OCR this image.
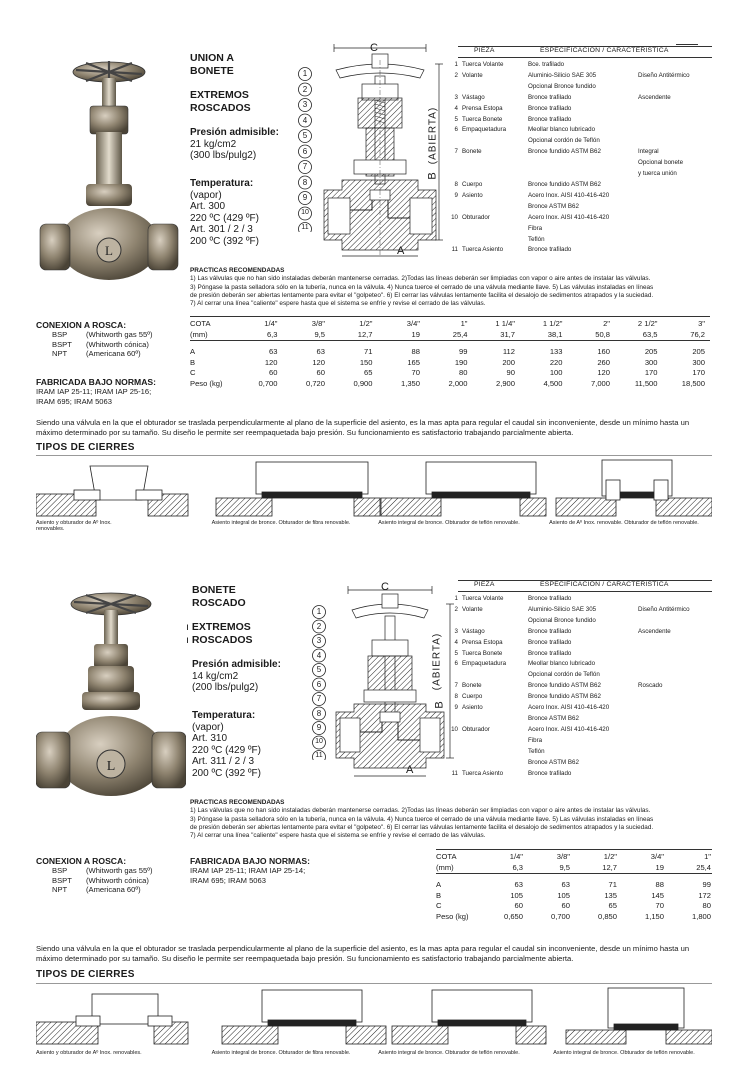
L
UNION A
BONETE
EXTREMOS
ROSCADOS
Presión admisible:
21 kg/cm2
(300 lbs/pulg2)
Temperatura:
(vapor)
Art. 300
220 ºC (429 ºF)
Art. 301 / 2 / 3
200 ºC (392 ºF)
1
2
3
4
5
6
7
8
9
10
11
C
A
B
(ABIERTA)
PIEZA	ESPECIFICACION / CARACTERISTICA
1 Tuerca Volante	Bce. trafilado
2 Volante	Aluminio-Silicio SAE 305	Diseño Antitérmico
Opcional Bronce fundido
3 Vástago	Bronce trafilado	Ascendente
4 Prensa Estopa	Bronce trafilado
5 Tuerca Bonete	Bronce trafilado
6 Empaquetadura	Meollar blanco lubricado
Opcional cordón de Teflón
7 Bonete	Bronce fundido ASTM B62	Integral
Opcional bonete
y tuerca unión
8 Cuerpo	Bronce fundido ASTM B62
9 Asiento	Acero Inox. AISI 410-416-420
Bronce ASTM B62
10 Obturador	Acero Inox. AISI 410-416-420
Fibra
Teflón
11 Tuerca Asiento	Bronce trafilado
PRACTICAS RECOMENDADAS
1) Las válvulas que no han sido instaladas deberán mantenerse cerradas. 2)Todas las líneas deberán ser limpiadas con vapor o aire antes de instalar las válvulas.
3) Póngase la pasta selladora sólo en la tubería, nunca en la válvula. 4) Nunca tuerce el cerrado de una válvula mediante llave. 5) Las válvulas instaladas en líneas
de presión deberán ser abiertas lentamente para evitar el "golpeteo". 6) El cerrar las válvulas lentamente facilita el desalojo de sedimentos atrapados y la suciedad.
7) Al cerrar una línea "caliente" espere hasta que el sistema se enfríe y revise el cerrado de las válvulas.
CONEXION A ROSCA:
BSP	(Whitworth gas 55º)
BSPT	(Whitworth cónica)
NPT	(Americana 60º)
FABRICADA BAJO NORMAS:
IRAM IAP 25-11; IRAM IAP 25-16;
IRAM 695; IRAM 5063
COTA	1/4"	3/8"	1/2"	3/4"	1"	1 1/4"	1 1/2"	2"	2 1/2"	3"
(mm)	6,3	9,5	12,7	19	25,4	31,7	38,1	50,8	63,5	76,2
A	63	63	71	88	99	112	133	160	205	205
B	120	120	150	165	190	200	220	260	300	300
C	60	60	65	70	80	90	100	120	170	170
Peso (kg)	0,700	0,720	0,900	1,350	2,000	2,900	4,500	7,000	11,500	18,500
Siendo una válvula en la que el obturador se traslada perpendicularmente al plano de la superficie del asiento, es la mas apta para regular el caudal sin inconveniente, desde un mínimo hasta un máximo determinado por su tamaño. Su diseño le permite ser reempaquetada bajo presión. Su funcionamiento es satisfactorio trabajando parcialmente abierta.
TIPOS DE CIERRES
Asiento y obturador de Aº Inox. renovables.
Asiento integral de bronce. Obturador de fibra renovable.	Asiento integral de bronce. Obturador de teflón renovable.	Asiento de Aº Inox. renovable. Obturador de teflón renovable.
L
BONETE
ROSCADO
ı EXTREMOS
ı ROSCADOS
Presión admisible:
14 kg/cm2
(200 lbs/pulg2)
Temperatura:
(vapor)
Art. 310
220 ºC (429 ºF)
Art. 311 / 2 / 3
200 ºC (392 ºF)
1
2
3
4
5
6
7
8
9
10
11
C
A
B
(ABIERTA)
PIEZA	ESPECIFICACION / CARACTERISTICA
1 Tuerca Volante	Bronce trafilado
2 Volante	Aluminio-Silicio SAE 305	Diseño Antitérmico
Opcional Bronce fundido
3 Vástago	Bronce trafilado	Ascendente
4 Prensa Estopa	Bronce trafilado
5 Tuerca Bonete	Bronce trafilado
6 Empaquetadura	Meollar blanco lubricado
Opcional cordón de Teflón
7 Bonete	Bronce fundido ASTM B62	Roscado
8 Cuerpo	Bronce fundido ASTM B62
9 Asiento	Acero Inox. AISI 410-416-420
Bronce ASTM B62
10 Obturador	Acero Inox. AISI 410-416-420
Fibra
Teflón
Bronce ASTM B62
11 Tuerca Asiento	Bronce trafilado
PRACTICAS RECOMENDADAS
1) Las válvulas que no han sido instaladas deberán mantenerse cerradas. 2)Todas las líneas deberán ser limpiadas con vapor o aire antes de instalar las válvulas.
3) Póngase la pasta selladora sólo en la tubería, nunca en la válvula. 4) Nunca tuerce el cerrado de una válvula mediante llave. 5) Las válvulas instaladas en líneas
de presión deberán ser abiertas lentamente para evitar el "golpeteo". 6) El cerrar las válvulas lentamente facilita el desalojo de sedimentos atrapados y la suciedad.
7) Al cerrar una línea "caliente" espere hasta que el sistema se enfríe y revise el cerrado de las válvulas.
CONEXION A ROSCA:
BSP	(Whitworth gas 55º)
BSPT	(Whitworth cónica)
NPT	(Americana 60º)
FABRICADA BAJO NORMAS:
IRAM IAP 25-11; IRAM IAP 25-14;
IRAM 695; IRAM 5063
COTA	1/4"	3/8"	1/2"	3/4"	1"
(mm)	6,3	9,5	12,7	19	25,4
A	63	63	71	88	99
B	105	105	135	145	172
C	60	60	65	70	80
Peso (kg)	0,650	0,700	0,850	1,150	1,800
Siendo una válvula en la que el obturador se traslada perpendicularmente al plano de la superficie del asiento, es la mas apta para regular el caudal sin inconveniente, desde un mínimo hasta un máximo determinado por su tamaño. Su diseño le permite ser reempaquetada bajo presión. Su funcionamiento es satisfactorio trabajando parcialmente abierta.
TIPOS DE CIERRES
Asiento y obturador de Aº Inox. renovables.	Asiento integral de bronce. Obturador de fibra renovable.	Asiento integral de bronce. Obturador de teflón renovable.	Asiento integral de bronce. Obturador de teflón renovable.
